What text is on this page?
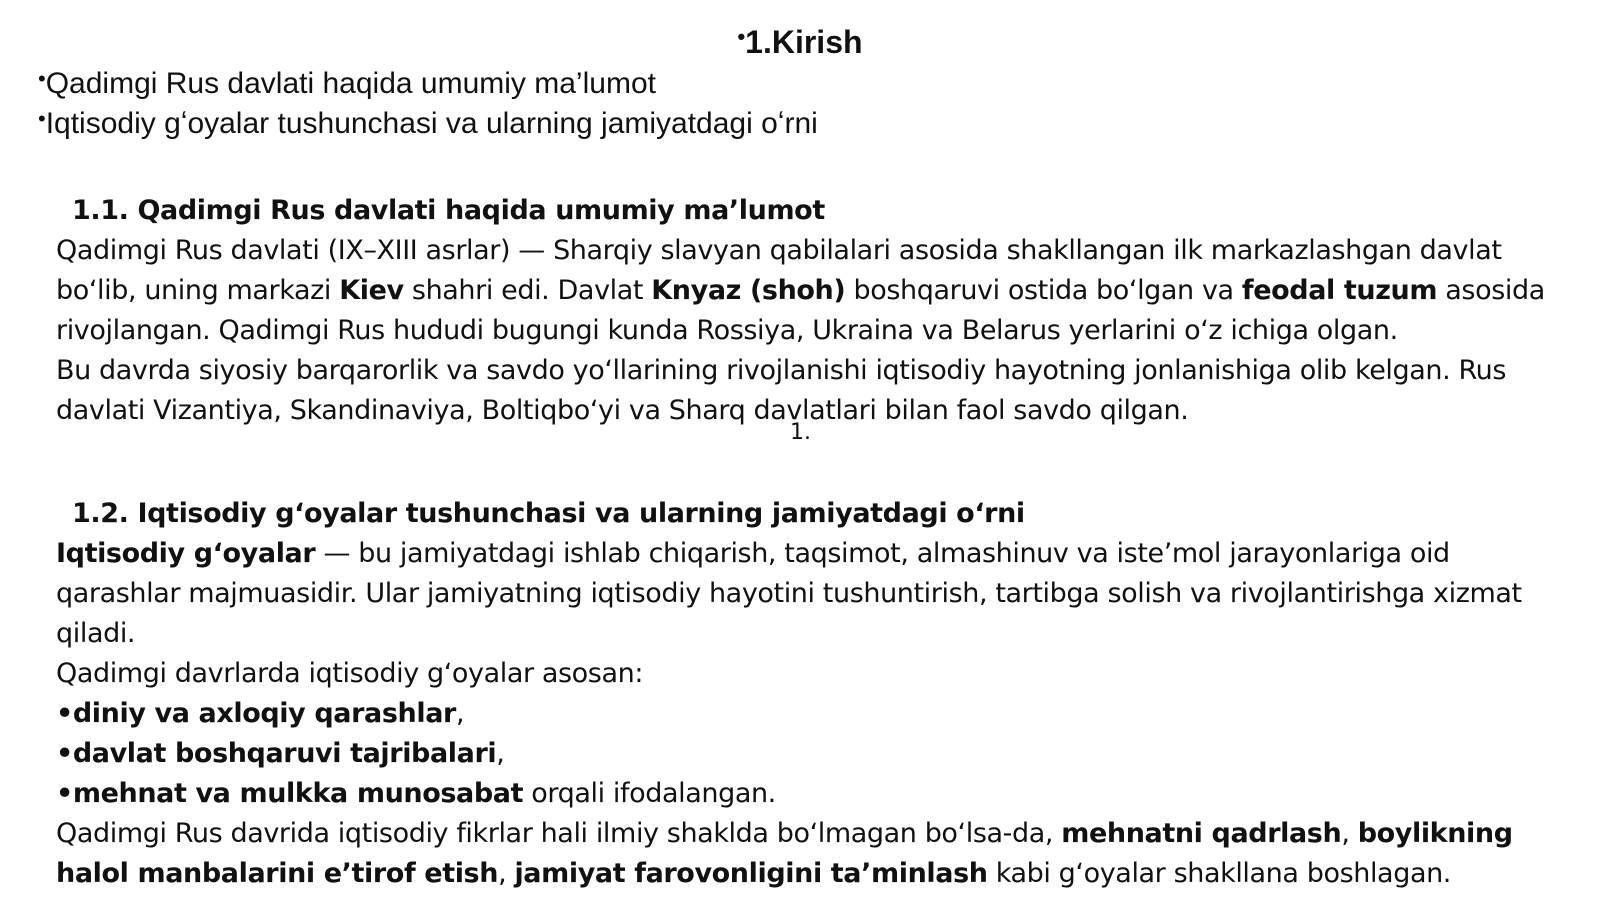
•1.Kirish
•Qadimgi Rus davlati haqida umumiy ma’lumot
•Iqtisodiy gʻoyalar tushunchasi va ularning jamiyatdagi oʻrni
1.1. Qadimgi Rus davlati haqida umumiy ma’lumot

Qadimgi Rus davlati (IX–XIII asrlar) — Sharqiy slavyan qabilalari asosida shakllangan ilk markazlashgan davlat boʻlib, uning markazi Kiev shahri edi. Davlat Knyaz (shoh) boshqaruvi ostida boʻlgan va feodal tuzum asosida rivojlangan. Qadimgi Rus hududi bugungi kunda Rossiya, Ukraina va Belarus yerlarini oʻz ichiga olgan.

Bu davrda siyosiy barqarorlik va savdo yoʻllarining rivojlanishi iqtisodiy hayotning jonlanishiga olib kelgan. Rus davlati Vizantiya, Skandinaviya, Boltiqboʻyi va Sharq davlatlari bilan faol savdo qilgan.

1.
1.2. Iqtisodiy gʻoyalar tushunchasi va ularning jamiyatdagi oʻrni

Iqtisodiy gʻoyalar — bu jamiyatdagi ishlab chiqarish, taqsimot, almashinuv va iste’mol jarayonlariga oid qarashlar majmuasidir. Ular jamiyatning iqtisodiy hayotini tushuntirish, tartibga solish va rivojlantirishga xizmat qiladi.

Qadimgi davrlarda iqtisodiy gʻoyalar asosan:

•diniy va axloqiy qarashlar,

•davlat boshqaruvi tajribalari,

•mehnat va mulkka munosabat orqali ifodalangan.

Qadimgi Rus davrida iqtisodiy fikrlar hali ilmiy shaklda boʻlmagan boʻlsa-da, mehnatni qadrlash, boylikning halol manbalarini e’tirof etish, jamiyat farovonligini ta’minlash kabi gʻoyalar shakllana boshlagan.
